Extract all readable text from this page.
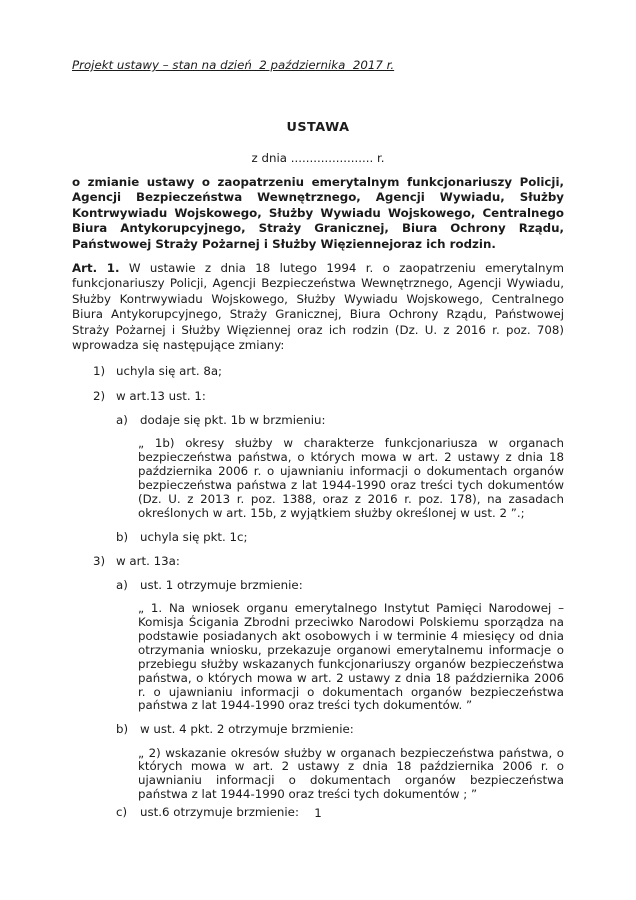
Projekt ustawy – stan na dzień  2 października  2017 r.
USTAWA
z dnia ...................... r.
o zmianie ustawy o zaopatrzeniu emerytalnym funkcjonariuszy Policji, Agencji Bezpieczeństwa Wewnętrznego, Agencji Wywiadu, Służby Kontrwywiadu Wojskowego, Służby Wywiadu Wojskowego, Centralnego Biura Antykorupcyjnego, Straży Granicznej, Biura Ochrony Rządu, Państwowej Straży Pożarnej i Służby Więziennejoraz ich rodzin.
Art. 1. W ustawie z dnia 18 lutego 1994 r. o zaopatrzeniu emerytalnym funkcjonariuszy Policji, Agencji Bezpieczeństwa Wewnętrznego, Agencji Wywiadu, Służby Kontrwywiadu Wojskowego, Służby Wywiadu Wojskowego, Centralnego Biura Antykorupcyjnego, Straży Granicznej, Biura Ochrony Rządu, Państwowej Straży Pożarnej i Służby Więziennej oraz ich rodzin (Dz. U. z 2016 r. poz. 708) wprowadza się następujące zmiany:
1) uchyla się art. 8a;
2) w art.13 ust. 1:
a)	dodaje się pkt. 1b w brzmieniu:
„ 1b) okresy służby w charakterze funkcjonariusza w organach bezpieczeństwa państwa, o których mowa w art. 2 ustawy z dnia 18 października 2006 r. o ujawnianiu informacji o dokumentach organów bezpieczeństwa państwa z lat 1944-1990 oraz treści tych dokumentów (Dz. U. z 2013 r. poz. 1388, oraz z 2016 r. poz. 178), na zasadach określonych w art. 15b, z wyjątkiem służby określonej w ust. 2 ”.;
b)	uchyla się pkt. 1c;
3) w art. 13a:
a)	ust. 1 otrzymuje brzmienie:
„ 1. Na wniosek organu emerytalnego Instytut Pamięci Narodowej – Komisja Ścigania Zbrodni przeciwko Narodowi Polskiemu sporządza na podstawie posiadanych akt osobowych i w terminie 4 miesięcy od dnia otrzymania wniosku, przekazuje organowi emerytalnemu informacje o przebiegu służby wskazanych funkcjonariuszy organów bezpieczeństwa państwa, o których mowa w art. 2 ustawy z dnia 18 października 2006 r. o ujawnianiu informacji o dokumentach organów bezpieczeństwa państwa z lat 1944-1990 oraz treści tych dokumentów. ”
b)	w ust. 4 pkt. 2 otrzymuje brzmienie:
„ 2) wskazanie okresów służby w organach bezpieczeństwa państwa, o których mowa w art. 2 ustawy z dnia 18 października 2006 r. o ujawnianiu informacji o dokumentach organów bezpieczeństwa państwa z lat 1944-1990 oraz treści tych dokumentów ; ”
c)	ust.6 otrzymuje brzmienie:	1
